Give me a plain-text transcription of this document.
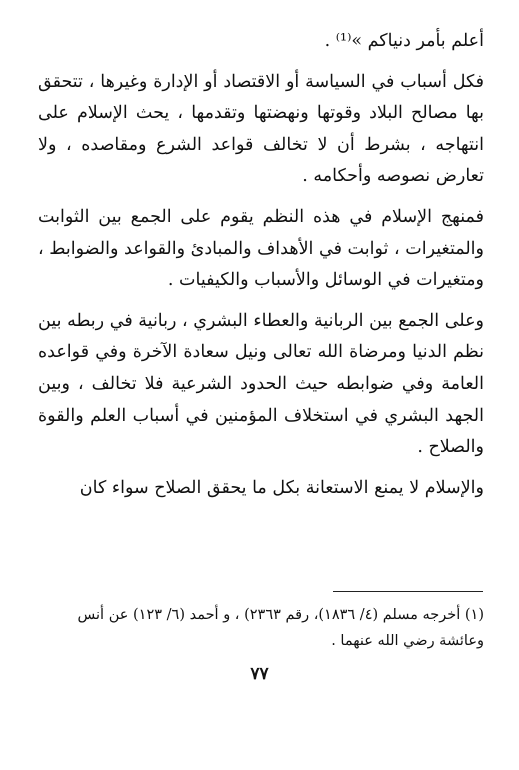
أعلم بأمر دنياكم »⁽¹⁾ .

فكل أسباب في السياسة أو الاقتصاد أو الإدارة وغيرها ، تتحقق بها مصالح البلاد وقوتها ونهضتها وتقدمها ، يحث الإسلام على انتهاجه ، بشرط أن لا تخالف قواعد الشرع ومقاصده ، ولا تعارض نصوصه وأحكامه .

فمنهج الإسلام في هذه النظم يقوم على الجمع بين الثوابت والمتغيرات ، ثوابت في الأهداف والمبادئ والقواعد والضوابط ، ومتغيرات في الوسائل والأسباب والكيفيات .

وعلى الجمع بين الربانية والعطاء البشري ، ربانية في ربطه بين نظم الدنيا ومرضاة الله تعالى ونيل سعادة الآخرة وفي قواعده العامة وفي ضوابطه حيث الحدود الشرعية فلا تخالف ، وبين الجهد البشري في استخلاف المؤمنين في أسباب العلم والقوة والصلاح .

والإسلام لا يمنع الاستعانة بكل ما يحقق الصلاح سواء كان

(١) أخرجه مسلم (٤/ ١٨٣٦)، رقم ٢٣٦٣) ، و أحمد (٦/ ١٢٣) عن أنس وعائشة رضي الله عنهما .

٧٧
